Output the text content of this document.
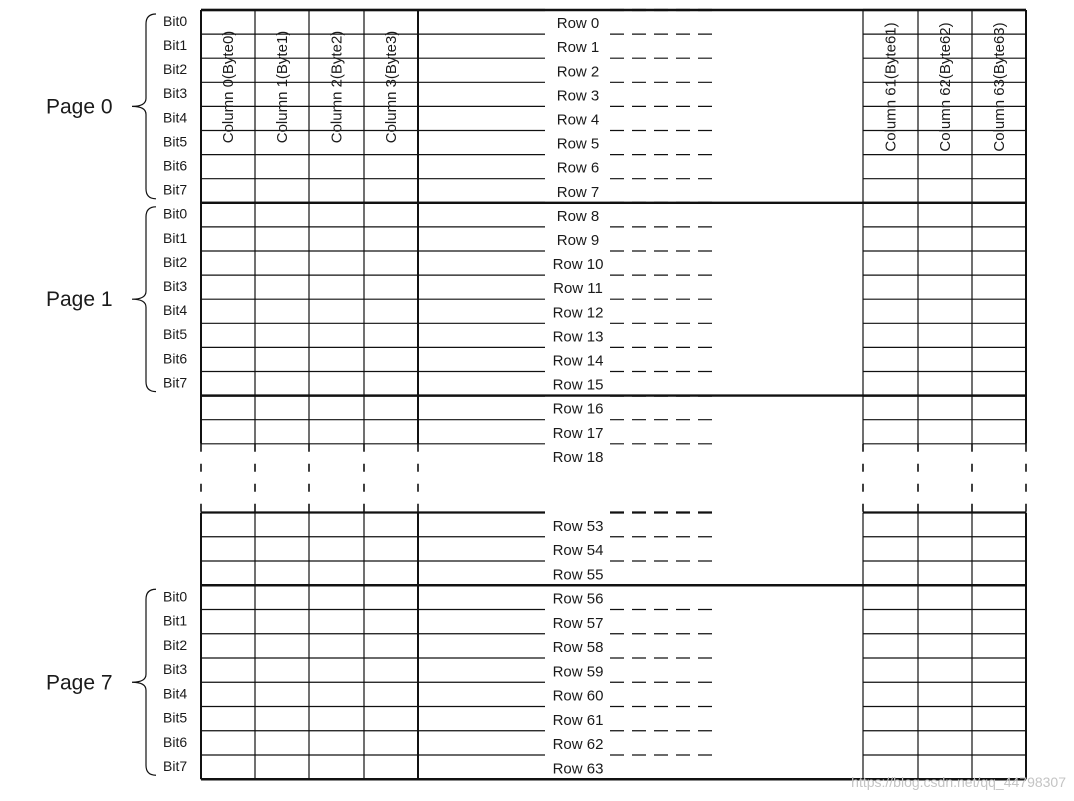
Row 0
Row 1
Row 2
Row 3
Row 4
Row 5
Row 6
Row 7
Row 8
Row 9
Row 10
Row 11
Row 12
Row 13
Row 14
Row 15
Row 16
Row 17
Row 18
Row 53
Row 54
Row 55
Row 56
Row 57
Row 58
Row 59
Row 60
Row 61
Row 62
Row 63
Column 0(Byte0) Column 1(Byte1)	Column 2(Byte2)	Column 3(Byte3)	Column 61(Byte61)	Column 62(Byte62) Column 63(Byte63)
Bit0
Bit1
Bit2
Bit3
Bit4
Bit5
Bit6
Bit7
Page 0
Bit0
Bit1
Bit2
Bit3
Bit4
Bit5
Bit6
Bit7
Page 1
Bit0
Bit1
Bit2
Bit3
Bit4
Bit5
Bit6
Bit7
Page 7
https://blog.csdn.net/qq_44798307
